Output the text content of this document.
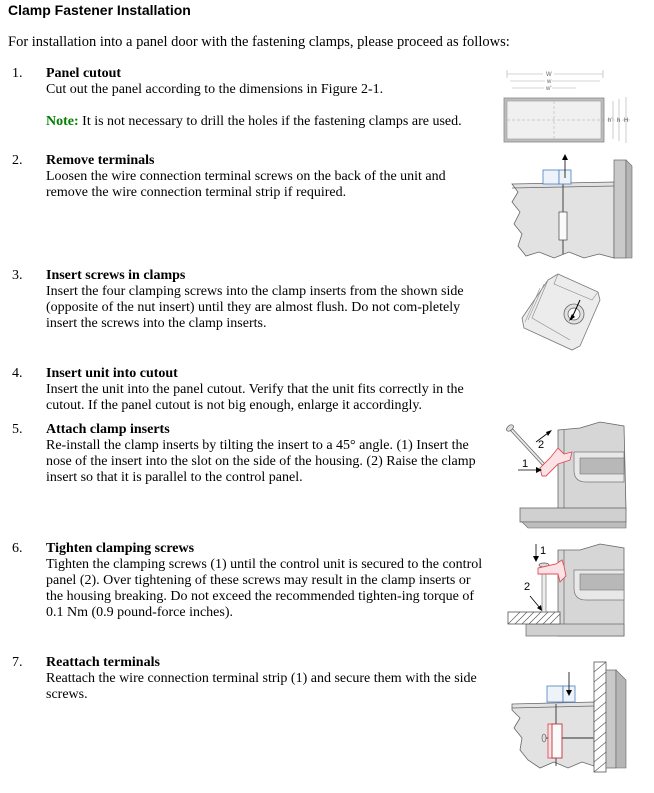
Clamp Fastener Installation
For installation into a panel door with the fastening clamps, please proceed as follows:
1. Panel cutout
Cut out the panel according to the dimensions in Figure 2-1.
Note: It is not necessary to drill the holes if the fastening clamps are used.
2. Remove terminals
Loosen the wire connection terminal screws on the back of the unit and remove the wire connection terminal strip if required.
3. Insert screws in clamps
Insert the four clamping screws into the clamp inserts from the shown side (opposite of the nut insert) until they are almost flush. Do not com-pletely insert the screws into the clamp inserts.
4. Insert unit into cutout
Insert the unit into the panel cutout. Verify that the unit fits correctly in the cutout. If the panel cutout is not big enough, enlarge it accordingly.
5. Attach clamp inserts
Re-install the clamp inserts by tilting the insert to a 45° angle. (1) Insert the nose of the insert into the slot on the side of the housing. (2) Raise the clamp insert so that it is parallel to the control panel.
6. Tighten clamping screws
Tighten the clamping screws (1) until the control unit is secured to the control panel (2). Over tightening of these screws may result in the clamp inserts or the housing breaking. Do not exceed the recommended tighten-ing torque of 0.1 Nm (0.9 pound-force inches).
7. Reattach terminals
Reattach the wire connection terminal strip (1) and secure them with the side screws.
W
w
w'
h' h H
2
1
1
2
